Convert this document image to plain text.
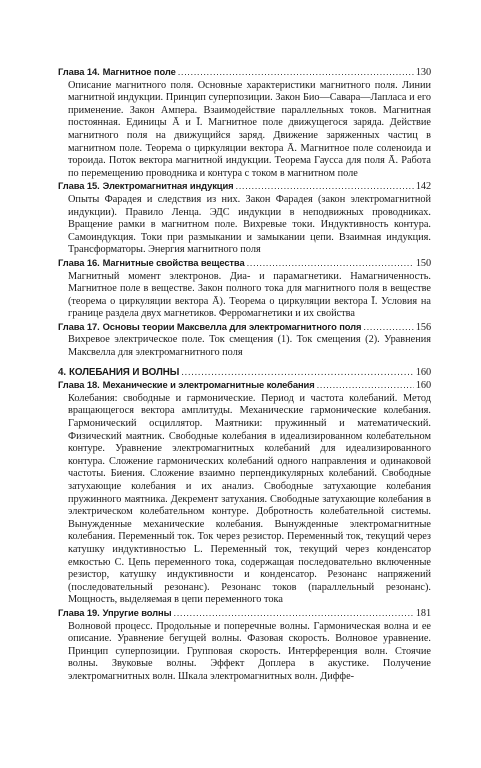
Глава 14. Магнитное поле .....	130

Описание магнитного поля. Основные характеристики магнитного поля. Линии магнитной индукции. Принцип суперпозиции. Закон Био—Савара—Лапласа и его применение. Закон Ампера. Взаимодействие параллельных токов. Магнитная постоянная. Единицы Ā и Ī. Магнитное поле движущегося заряда. Действие магнитного поля на движущийся заряд. Движение заряженных частиц в магнитном поле. Теорема о циркуляции вектора Ā. Магнитное поле соленоида и тороида. Поток вектора магнитной индукции. Теорема Гаусса для поля Ā. Работа по перемещению проводника и контура с током в магнитном поле

Глава 15. Электромагнитная индукция .....	142

Опыты Фарадея и следствия из них. Закон Фарадея (закон электромагнитной индукции). Правило Ленца. ЭДС индукции в неподвижных проводниках. Вращение рамки в магнитном поле. Вихревые токи. Индуктивность контура. Самоиндукция. Токи при размыкании и замыкании цепи. Взаимная индукция. Трансформаторы. Энергия магнитного поля

Глава 16. Магнитные свойства вещества .....	150

Магнитный момент электронов. Диа- и парамагнетики. Намагниченность. Магнитное поле в веществе. Закон полного тока для магнитного поля в веществе (теорема о циркуляции вектора Ā). Теорема о циркуляции вектора Ī. Условия на границе раздела двух магнетиков. Ферромагнетики и их свойства

Глава 17. Основы теории Максвелла для электромагнитного поля .....	156

Вихревое электрическое поле. Ток смещения (1). Ток смещения (2). Уравнения Максвелла для электромагнитного поля

4. КОЛЕБАНИЯ И ВОЛНЫ .....	160
Глава 18. Механические и электромагнитные колебания .....	160

Колебания: свободные и гармонические. Период и частота колебаний. Метод вращающегося вектора амплитуды. Механические гармонические колебания. Гармонический осциллятор. Маятники: пружинный и математический. Физический маятник. Свободные колебания в идеализированном колебательном контуре. Уравнение электромагнитных колебаний для идеализированного контура. Сложение гармонических колебаний одного направления и одинаковой частоты. Биения. Сложение взаимно перпендикулярных колебаний. Свободные затухающие колебания и их анализ. Свободные затухающие колебания пружинного маятника. Декремент затухания. Свободные затухающие колебания в электрическом колебательном контуре. Добротность колебательной системы. Вынужденные механические колебания. Вынужденные электромагнитные колебания. Переменный ток. Ток через резистор. Переменный ток, текущий через катушку индуктивностью L. Переменный ток, текущий через конденсатор емкостью C. Цепь переменного тока, содержащая последовательно включенные резистор, катушку индуктивности и конденсатор. Резонанс напряжений (последовательный резонанс). Резонанс токов (параллельный резонанс). Мощность, выделяемая в цепи переменного тока

Глава 19. Упругие волны .....	181

Волновой процесс. Продольные и поперечные волны. Гармоническая волна и ее описание. Уравнение бегущей волны. Фазовая скорость. Волновое уравнение. Принцип суперпозиции. Групповая скорость. Интерференция волн. Стоячие волны. Звуковые волны. Эффект Доплера в акустике. Получение электромагнитных волн. Шкала электромагнитных волн. Диффе-
